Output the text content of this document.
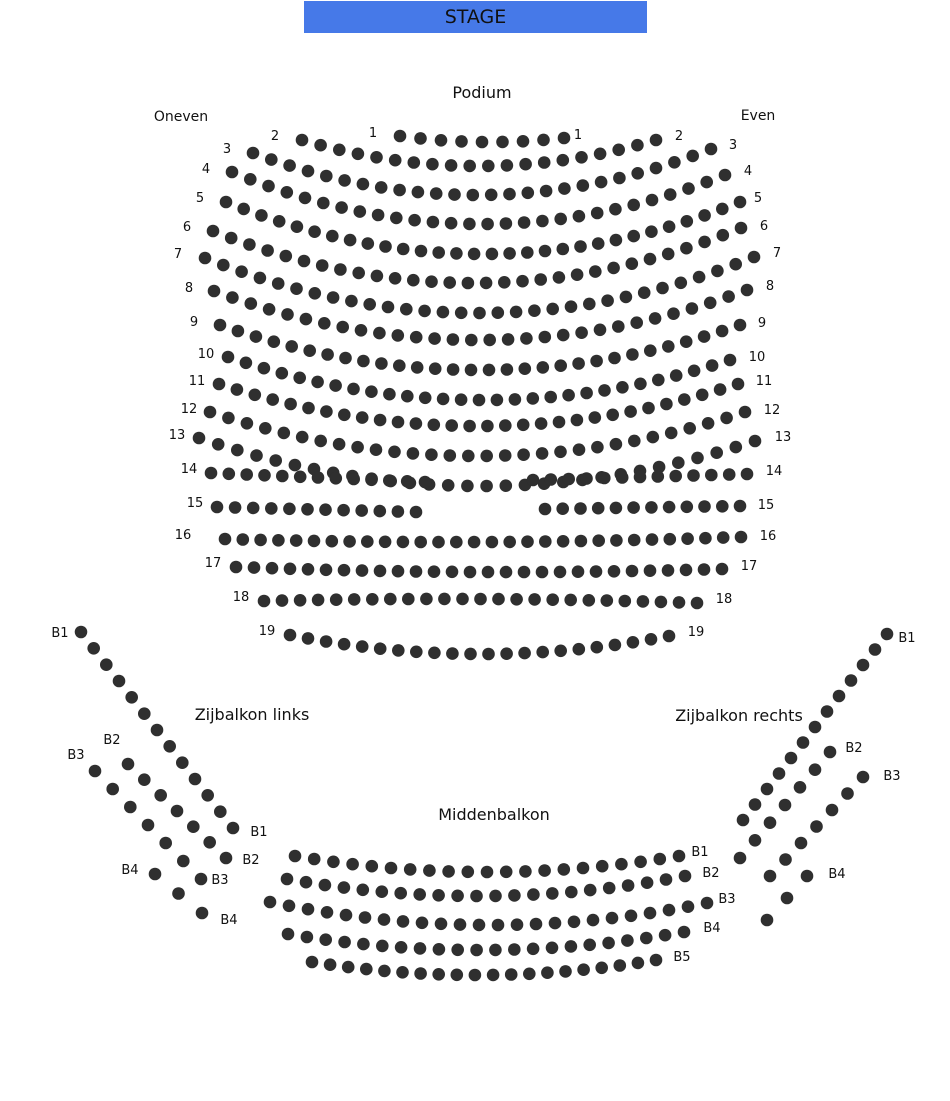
STAGE
Podium
Oneven	Even
Zijbalkon links	Zijbalkon rechts
Middenbalkon
2	1
3
4
5
6
7
8
9
10
11
12
13
14
15
16
17
18
19
1	2
3
4
5
6
7
8
9
10
11
12
13
14
15
16
17
18
19
B1
B2
B3
B4
B1
B2
B3
B4
B1
B2
B3
B4
B1
B2
B3
B4
B5
